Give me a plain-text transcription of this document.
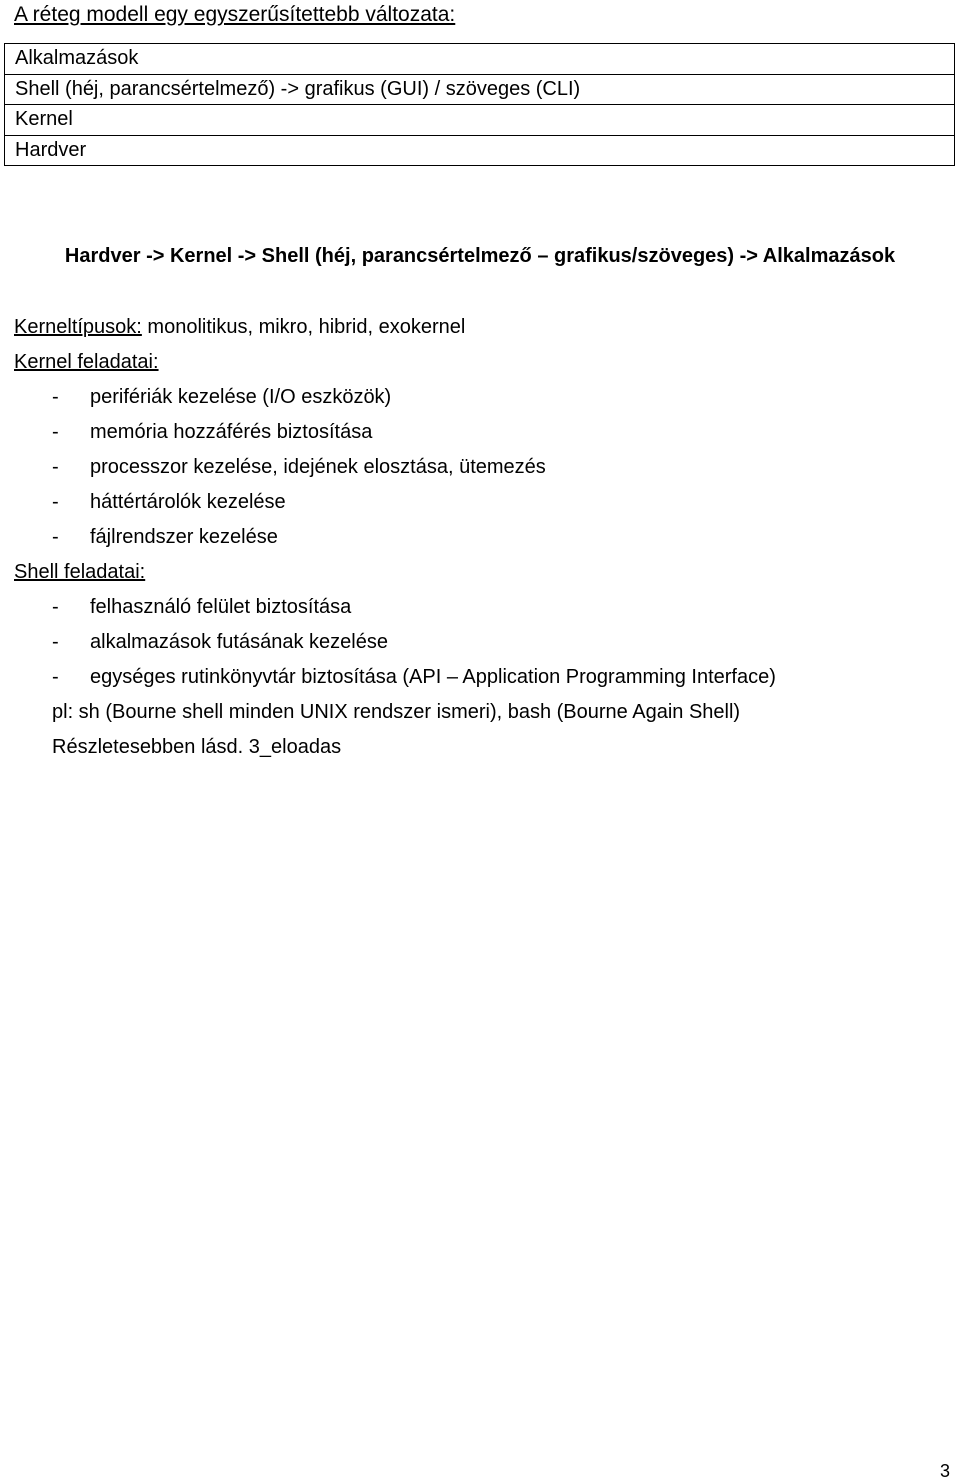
A réteg modell egy egyszerűsítettebb változata:
Alkalmazások
Shell (héj, parancsértelmező) -> grafikus (GUI) / szöveges (CLI)
Kernel
Hardver
Hardver -> Kernel -> Shell (héj, parancsértelmező – grafikus/szöveges) -> Alkalmazások
Kerneltípusok: monolitikus, mikro, hibrid, exokernel
Kernel feladatai:
- perifériák kezelése (I/O eszközök)
- memória hozzáférés biztosítása
- processzor kezelése, idejének elosztása, ütemezés
- háttértárolók kezelése
- fájlrendszer kezelése
Shell feladatai:
- felhasználó felület biztosítása
- alkalmazások futásának kezelése
- egységes rutinkönyvtár biztosítása (API – Application Programming Interface)
pl: sh (Bourne shell minden UNIX rendszer ismeri), bash (Bourne Again Shell)
Részletesebben lásd. 3_eloadas
3
